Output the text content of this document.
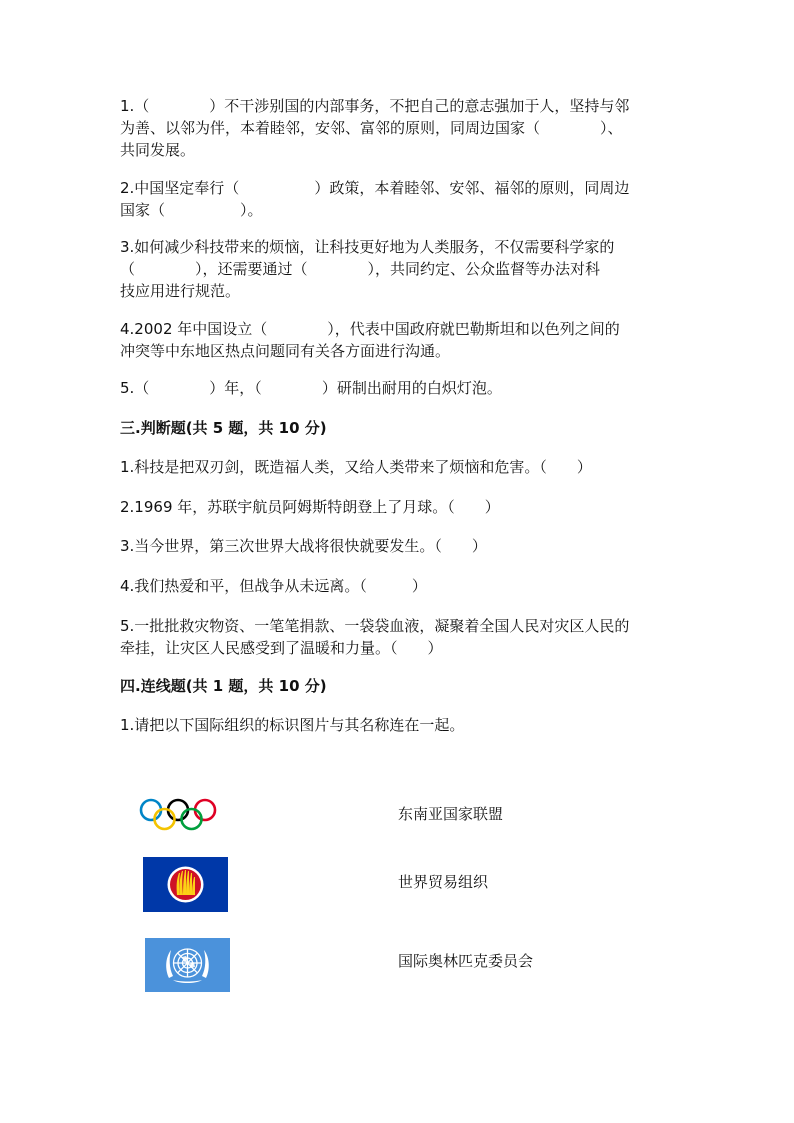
1.（　　　　）不干涉别国的内部事务，不把自己的意志强加于人，坚持与邻
为善、以邻为伴，本着睦邻，安邻、富邻的原则，同周边国家（　　　　）、
共同发展。
2.中国坚定奉行（　　　　　）政策，本着睦邻、安邻、福邻的原则，同周边
国家（　　　　　）。
3.如何减少科技带来的烦恼，让科技更好地为人类服务，不仅需要科学家的
（　　　　），还需要通过（　　　　），共同约定、公众监督等办法对科
技应用进行规范。
4.2002 年中国设立（　　　　），代表中国政府就巴勒斯坦和以色列之间的
冲突等中东地区热点问题同有关各方面进行沟通。
5.（　　　　）年，（　　　　）研制出耐用的白炽灯泡。
三.判断题(共 5 题，共 10 分)
1.科技是把双刃剑，既造福人类，又给人类带来了烦恼和危害。（　　）
2.1969 年，苏联宇航员阿姆斯特朗登上了月球。（　　）
3.当今世界，第三次世界大战将很快就要发生。（　　）
4.我们热爱和平，但战争从未远离。（　　　）
5.一批批救灾物资、一笔笔捐款、一袋袋血液，凝聚着全国人民对灾区人民的
牵挂，让灾区人民感受到了温暖和力量。（　　）
四.连线题(共 1 题，共 10 分)
1.请把以下国际组织的标识图片与其名称连在一起。
东南亚国家联盟
世界贸易组织
国际奥林匹克委员会
